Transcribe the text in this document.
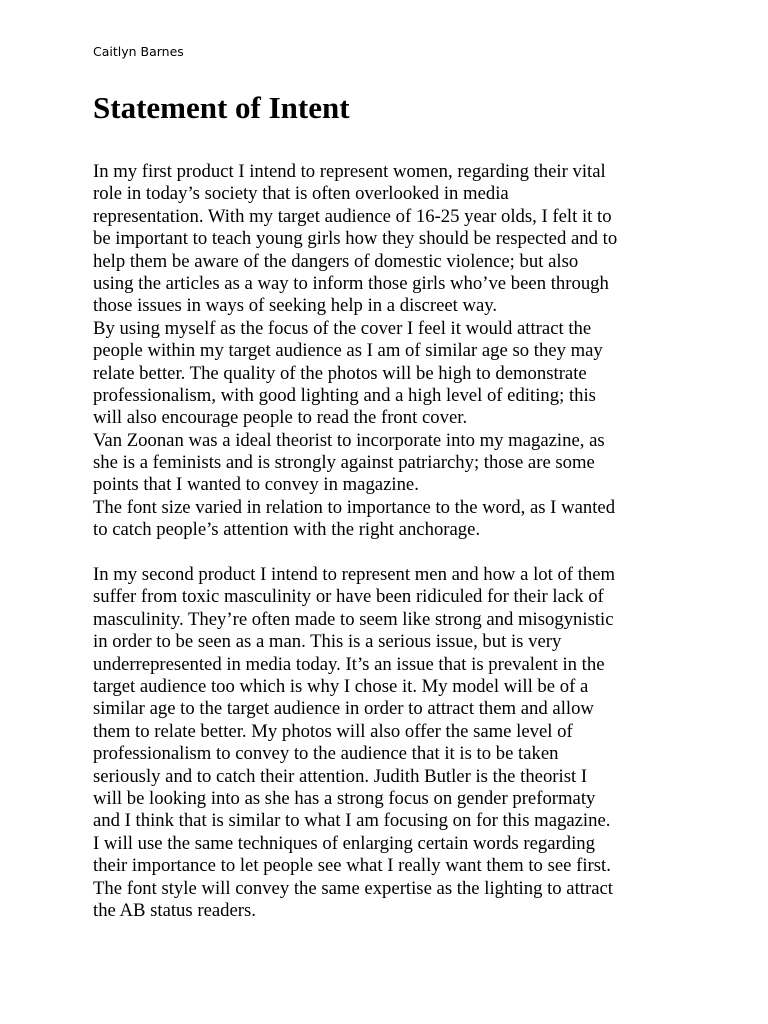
Caitlyn Barnes
Statement of Intent
In my first product I intend to represent women, regarding their vital
role in today’s society that is often overlooked in media
representation. With my target audience of 16-25 year olds, I felt it to
be important to teach young girls how they should be respected and to
help them be aware of the dangers of domestic violence; but also
using the articles as a way to inform those girls who’ve been through
those issues in ways of seeking help in a discreet way.
By using myself as the focus of the cover I feel it would attract the
people within my target audience as I am of similar age so they may
relate better. The quality of the photos will be high to demonstrate
professionalism, with good lighting and a high level of editing; this
will also encourage people to read the front cover.
Van Zoonan was a ideal theorist to incorporate into my magazine, as
she is a feminists and is strongly against patriarchy; those are some
points that I wanted to convey in magazine.
The font size varied in relation to importance to the word, as I wanted
to catch people’s attention with the right anchorage.
In my second product I intend to represent men and how a lot of them
suffer from toxic masculinity or have been ridiculed for their lack of
masculinity. They’re often made to seem like strong and misogynistic
in order to be seen as a man. This is a serious issue, but is very
underrepresented in media today. It’s an issue that is prevalent in the
target audience too which is why I chose it. My model will be of a
similar age to the target audience in order to attract them and allow
them to relate better. My photos will also offer the same level of
professionalism to convey to the audience that it is to be taken
seriously and to catch their attention. Judith Butler is the theorist I
will be looking into as she has a strong focus on gender preformaty
and I think that is similar to what I am focusing on for this magazine.
I will use the same techniques of enlarging certain words regarding
their importance to let people see what I really want them to see first.
The font style will convey the same expertise as the lighting to attract
the AB status readers.
